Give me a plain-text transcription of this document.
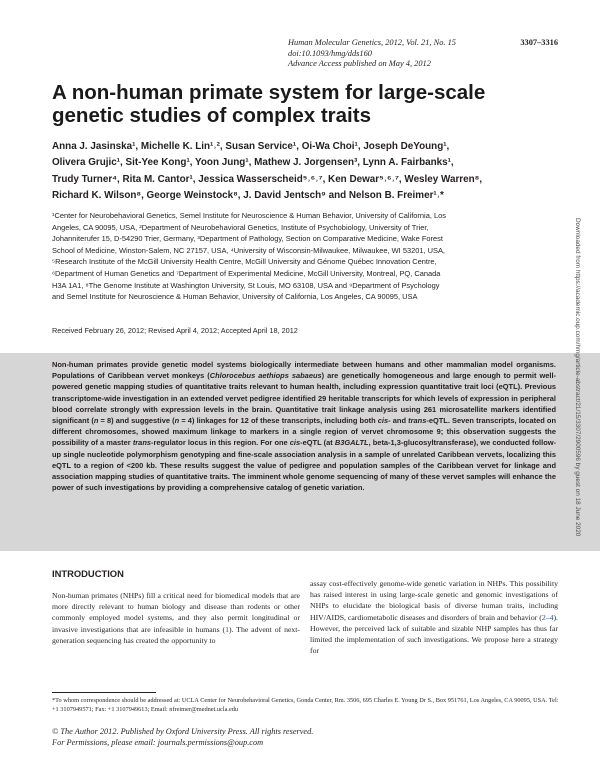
Human Molecular Genetics, 2012, Vol. 21, No. 15	3307–3316
doi:10.1093/hmg/dds160
Advance Access published on May 4, 2012
A non-human primate system for large-scale
genetic studies of complex traits
Anna J. Jasinska¹, Michelle K. Lin¹˒², Susan Service¹, Oi-Wa Choi¹, Joseph DeYoung¹,
Olivera Grujic¹, Sit-Yee Kong¹, Yoon Jung¹, Mathew J. Jorgensen³, Lynn A. Fairbanks¹,
Trudy Turner⁴, Rita M. Cantor¹, Jessica Wasserscheid⁵˒⁶˒⁷, Ken Dewar⁵˒⁶˒⁷, Wesley Warren⁸,
Richard K. Wilson⁸, George Weinstock⁸, J. David Jentsch⁹ and Nelson B. Freimer¹˒*
¹Center for Neurobehavioral Genetics, Semel Institute for Neuroscience & Human Behavior, University of California, Los
Angeles, CA 90095, USA, ²Department of Neurobehavioral Genetics, Institute of Psychobiology, University of Trier,
Johanniterufer 15, D-54290 Trier, Germany, ³Department of Pathology, Section on Comparative Medicine, Wake Forest
School of Medicine, Winston-Salem, NC 27157, USA, ⁴University of Wisconsin-Milwaukee, Milwaukee, WI 53201, USA,
⁵Research Institute of the McGill University Health Centre, McGill University and Génome Québec Innovation Centre,
⁶Department of Human Genetics and ⁷Department of Experimental Medicine, McGill University, Montreal, PQ, Canada
H3A 1A1, ⁸The Genome Institute at Washington University, St Louis, MO 63108, USA and ⁹Department of Psychology
and Semel Institute for Neuroscience & Human Behavior, University of California, Los Angeles, CA 90095, USA
Received February 26, 2012; Revised April 4, 2012; Accepted April 18, 2012
Non-human primates provide genetic model systems biologically intermediate between humans and other mammalian model organisms. Populations of Caribbean vervet monkeys (Chlorocebus aethiops sabaeus) are genetically homogeneous and large enough to permit well-powered genetic mapping studies of quantitative traits relevant to human health, including expression quantitative trait loci (eQTL). Previous transcriptome-wide investigation in an extended vervet pedigree identified 29 heritable transcripts for which levels of expression in peripheral blood correlate strongly with expression levels in the brain. Quantitative trait linkage analysis using 261 microsatellite markers identified significant (n = 8) and suggestive (n = 4) linkages for 12 of these transcripts, including both cis- and trans-eQTL. Seven transcripts, located on different chromosomes, showed maximum linkage to markers in a single region of vervet chromosome 9; this observation suggests the possibility of a master trans-regulator locus in this region. For one cis-eQTL (at B3GALTL, beta-1,3-glucosyltransferase), we conducted follow-up single nucleotide polymorphism genotyping and fine-scale association analysis in a sample of unrelated Caribbean vervets, localizing this eQTL to a region of <200 kb. These results suggest the value of pedigree and population samples of the Caribbean vervet for linkage and association mapping studies of quantitative traits. The imminent whole genome sequencing of many of these vervet samples will enhance the power of such investigations by providing a comprehensive catalog of genetic variation.
INTRODUCTION
Non-human primates (NHPs) fill a critical need for biomedical models that are more directly relevant to human biology and disease than rodents or other commonly employed model systems, and they also permit longitudinal or invasive investigations that are infeasible in humans (1). The advent of next-generation sequencing has created the opportunity to
assay cost-effectively genome-wide genetic variation in NHPs. This possibility has raised interest in using large-scale genetic and genomic investigations of NHPs to elucidate the biological basis of diverse human traits, including HIV/AIDS, cardiometabolic diseases and disorders of brain and behavior (2–4). However, the perceived lack of suitable and sizable NHP samples has thus far limited the implementation of such investigations. We propose here a strategy for
*To whom correspondence should be addressed at: UCLA Center for Neurobehavioral Genetics, Gonda Center, Rm. 3506, 695 Charles E. Young Dr S., Box 951761, Los Angeles, CA 90095, USA. Tel: +1 3107949571; Fax: +1 3107949613; Email: nfreimer@mednet.ucla.edu
© The Author 2012. Published by Oxford University Press. All rights reserved.
For Permissions, please email: journals.permissions@oup.com
Downloaded from https://academic.oup.com/hmg/article-abstract/21/15/3307/2900596 by guest on 18 June 2020
